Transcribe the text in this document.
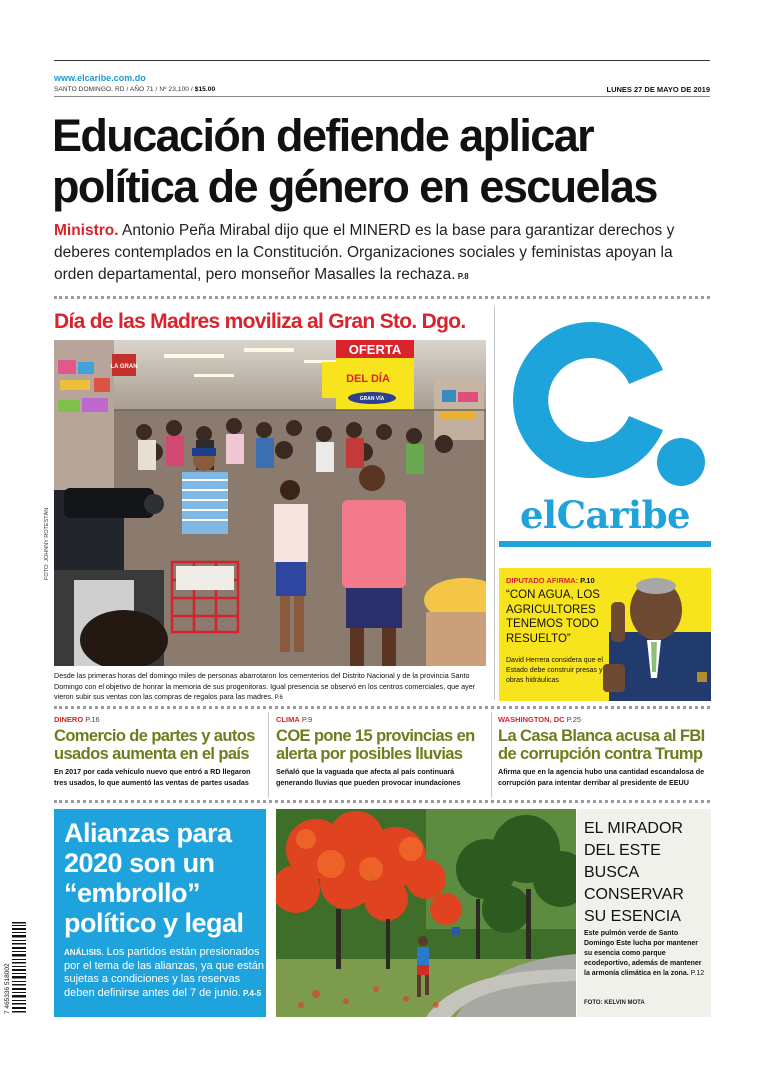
www.elcaribe.com.do
SANTO DOMINGO, RD / AÑO 71 / Nº 23,100 / $15.00	LUNES 27 DE MAYO DE 2019
Educación defiende aplicar
política de género en escuelas

Ministro. Antonio Peña Mirabal dijo que el MINERD es la base para garantizar derechos y deberes contemplados en la Constitución. Organizaciones sociales y feministas apoyan la orden departamental, pero monseñor Masalles la rechaza. P.8

Día de las Madres moviliza al Gran Sto. Dgo.
LA GRAN
OFERTA
DEL DÍA
GRAN VÍA
FOTO: JOHNNY ROTESTÁN

Desde las primeras horas del domingo miles de personas abarrotaron los cementerios del Distrito Nacional y de la provincia Santo Domingo con el objetivo de honrar la memoria de sus progenitoras. Igual presencia se observó en los centros comerciales, que ayer vieron subir sus ventas con las compras de regalos para las madres. P.6

elCaribe
DIPUTADO AFIRMA: P.10
“CON AGUA, LOS AGRICULTORES TENEMOS TODO RESUELTO”
David Herrera considera que el Estado debe construir presas y obras hidráulicas
DINERO P.16
Comercio de partes y autos usados aumenta en el país
En 2017 por cada vehículo nuevo que entró a RD llegaron tres usados, lo que aumentó las ventas de partes usadas
CLIMA P.9
COE pone 15 provincias en alerta por posibles lluvias
Señaló que la vaguada que afecta al país continuará generando lluvias que pueden provocar inundaciones
WASHINGTON, DC P.25
La Casa Blanca acusa al FBI de corrupción contra Trump
Afirma que en la agencia hubo una cantidad escandalosa de corrupción para intentar derribar al presidente de EEUU
Alianzas para 2020 son un “embrollo” político y legal

ANÁLISIS. Los partidos están presionados por el tema de las alianzas, ya que están sujetas a condiciones y las reservas deben definirse antes del 7 de junio. P.4-5

EL MIRADOR DEL ESTE BUSCA CONSERVAR SU ESENCIA

Este pulmón verde de Santo Domingo Este lucha por mantener su esencia como parque ecodeportivo, además de mantener la armonía climática en la zona. P.12

FOTO: KELVIN MOTA
7 465336 518002
